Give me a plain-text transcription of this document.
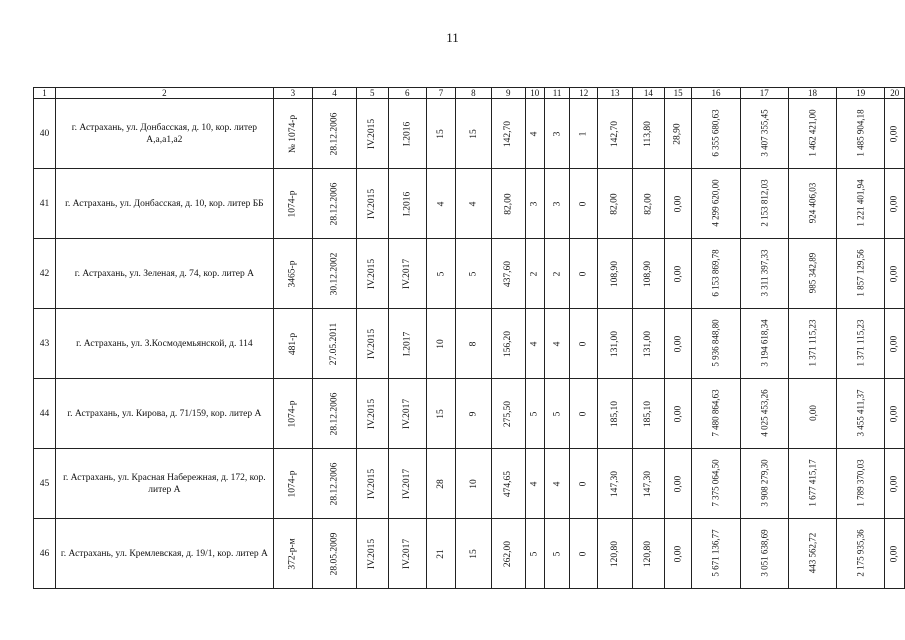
11
1	2	3	4	5	6	7	8	9	10	11	12	13	14	15	16	17	18	19	20
40	г. Астрахань, ул. Донбасская, д. 10, кор. литер А,а,а1,а2	№ 1074-р	28.12.2006	IV.2015	I.2016	15	15	142,70	4	3	1	142,70	113,80	28,90	6 355 680,63	3 407 355,45	1 462 421,00	1 485 904,18	0,00
41	г. Астрахань, ул. Донбасская, д. 10, кор. литер ББ	1074-р	28.12.2006	IV.2015	I.2016	4	4	82,00	3	3	0	82,00	82,00	0,00	4 299 620,00	2 153 812,03	924 406,03	1 221 401,94	0,00
42	г. Астрахань, ул. Зеленая, д. 74, кор. литер А	3465-р	30.12.2002	IV.2015	IV.2017	5	5	437,60	2	2	0	108,90	108,90	0,00	6 153 869,78	3 311 397,33	985 342,89	1 857 129,56	0,00
43	г. Астрахань, ул. З.Космодемьянской, д. 114	481-р	27.05.2011	IV.2015	I.2017	10	8	156,20	4	4	0	131,00	131,00	0,00	5 936 848,80	3 194 618,34	1 371 115,23	1 371 115,23	0,00
44	г. Астрахань, ул. Кирова, д. 71/159, кор. литер А	1074-р	28.12.2006	IV.2015	IV.2017	15	9	275,50	5	5	0	185,10	185,10	0,00	7 480 864,63	4 025 453,26	0,00	3 455 411,37	0,00
45	г. Астрахань, ул. Красная Набережная, д. 172, кор. литер А	1074-р	28.12.2006	IV.2015	IV.2017	28	10	474,65	4	4	0	147,30	147,30	0,00	7 375 064,50	3 908 279,30	1 677 415,17	1 789 370,03	0,00
46	г. Астрахань, ул. Кремлевская, д. 19/1, кор. литер А	372-р-м	28.05.2009	IV.2015	IV.2017	21	15	262,00	5	5	0	120,80	120,80	0,00	5 671 136,77	3 051 638,69	443 562,72	2 175 935,36	0,00
